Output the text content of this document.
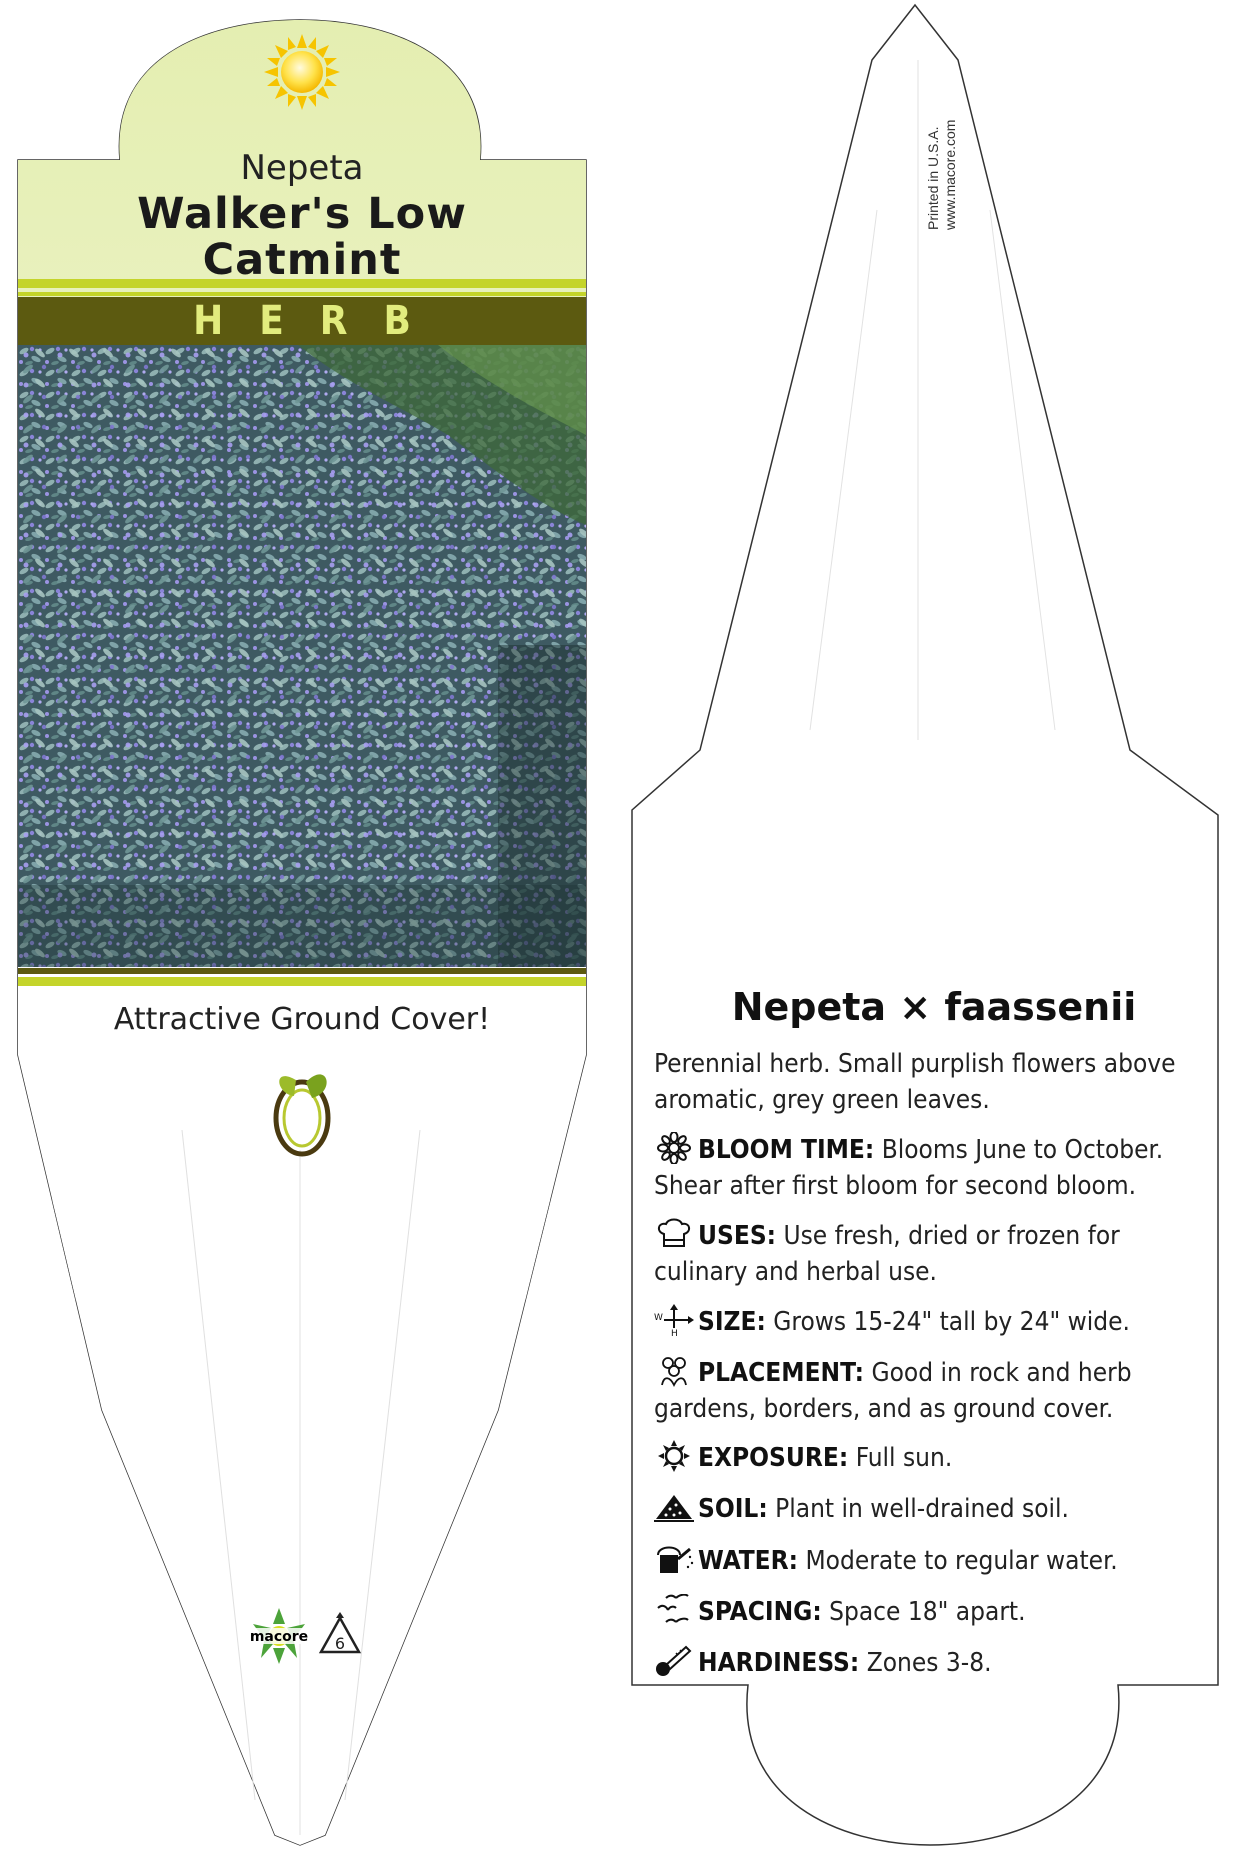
macore 6
Nepeta
Walker's Low
Catmint
HERB
Attractive Ground Cover!
Printed in U.S.A. www.macore.com
Nepeta × faassenii
Perennial herb. Small purplish flowers above aromatic, grey green leaves.
BLOOM TIME: Blooms June to October. Shear after first bloom for second bloom.
USES: Use fresh, dried or frozen for culinary and herbal use.
W
H SIZE: Grows 15-24" tall by 24" wide.
PLACEMENT: Good in rock and herb gardens, borders, and as ground cover.
EXPOSURE: Full sun.
SOIL: Plant in well-drained soil.
WATER: Moderate to regular water.
SPACING: Space 18" apart.
HARDINESS: Zones 3-8.
